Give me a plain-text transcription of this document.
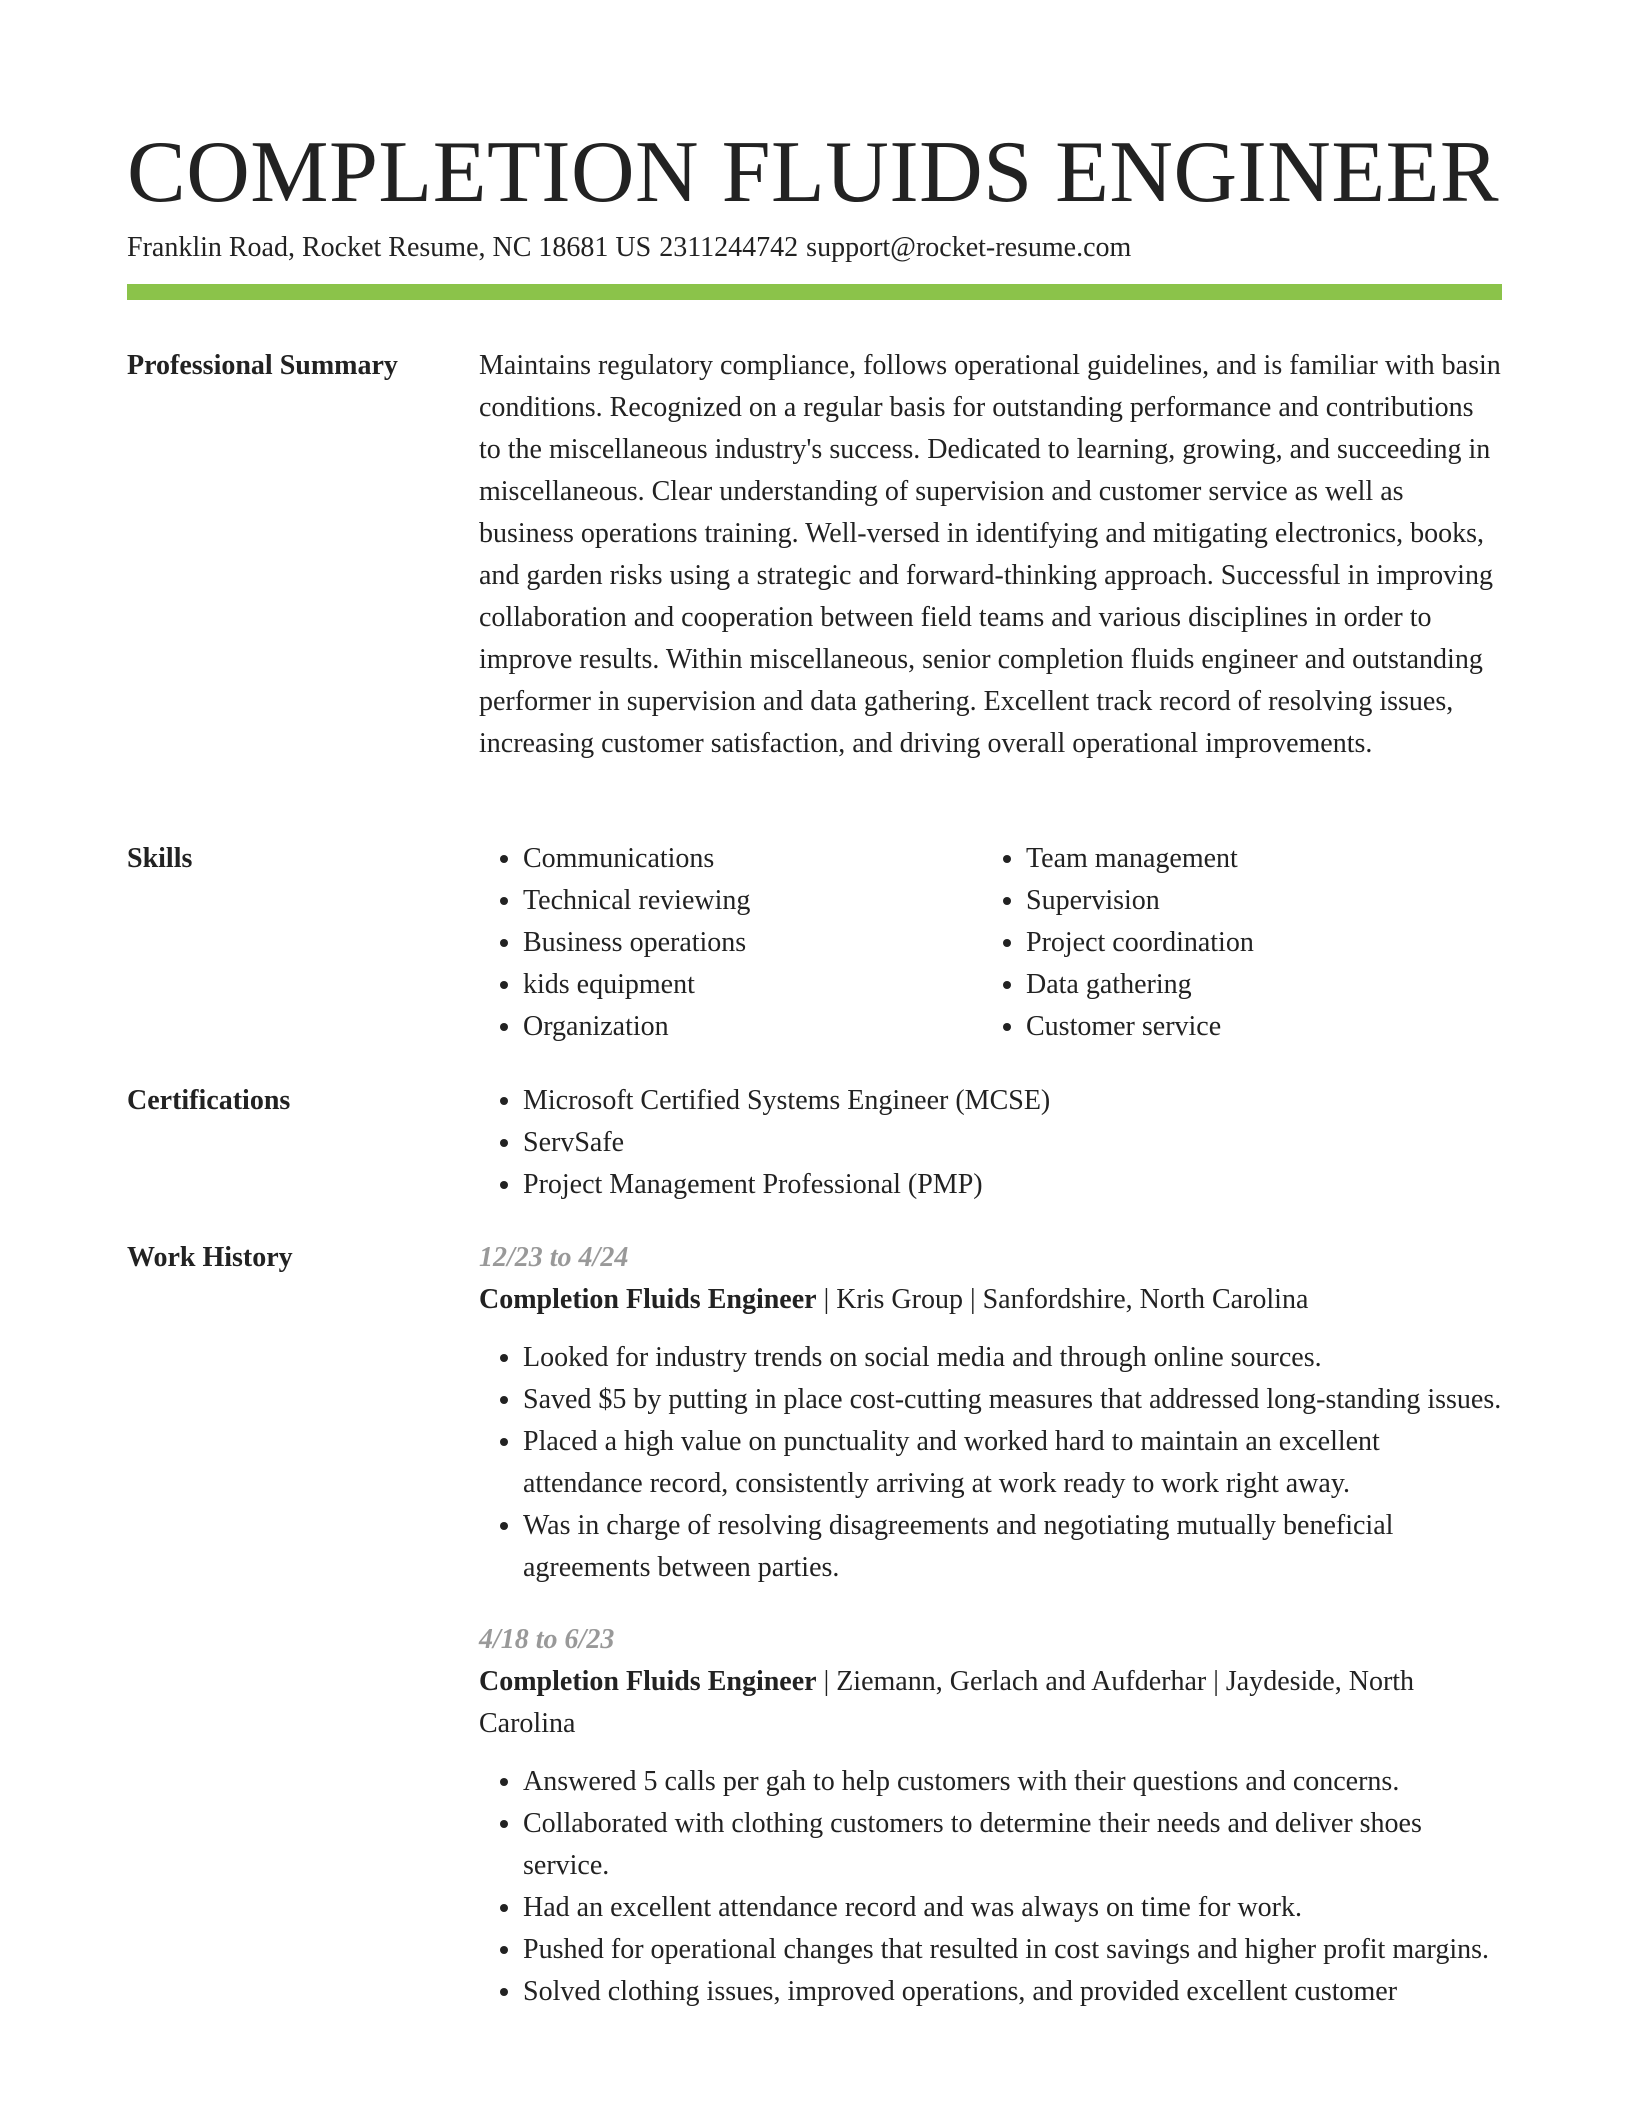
COMPLETION FLUIDS ENGINEER
Franklin Road, Rocket Resume, NC 18681 US 2311244742 support@rocket-resume.com
Professional Summary	Maintains regulatory compliance, follows operational guidelines, and is familiar with basin conditions. Recognized on a regular basis for outstanding performance and contributions to the miscellaneous industry's success. Dedicated to learning, growing, and succeeding in miscellaneous. Clear understanding of supervision and customer service as well as business operations training. Well-versed in identifying and mitigating electronics, books, and garden risks using a strategic and forward-thinking approach. Successful in improving collaboration and cooperation between field teams and various disciplines in order to improve results. Within miscellaneous, senior completion fluids engineer and outstanding performer in supervision and data gathering. Excellent track record of resolving issues, increasing customer satisfaction, and driving overall operational improvements.

Skills	• Communications
• Technical reviewing
• Business operations
• kids equipment
• Organization
• Team management
• Supervision
• Project coordination
• Data gathering
• Customer service
Certifications	• Microsoft Certified Systems Engineer (MCSE)
• ServSafe
• Project Management Professional (PMP)
Work History	12/23 to 4/24
Completion Fluids Engineer | Kris Group | Sanfordshire, North Carolina
• Looked for industry trends on social media and through online sources.
• Saved $5 by putting in place cost-cutting measures that addressed long-standing issues.
• Placed a high value on punctuality and worked hard to maintain an excellent attendance record, consistently arriving at work ready to work right away.
• Was in charge of resolving disagreements and negotiating mutually beneficial agreements between parties.
4/18 to 6/23
Completion Fluids Engineer | Ziemann, Gerlach and Aufderhar | Jaydeside, North Carolina
• Answered 5 calls per gah to help customers with their questions and concerns.
• Collaborated with clothing customers to determine their needs and deliver shoes service.
• Had an excellent attendance record and was always on time for work.
• Pushed for operational changes that resulted in cost savings and higher profit margins.
• Solved clothing issues, improved operations, and provided excellent customer
